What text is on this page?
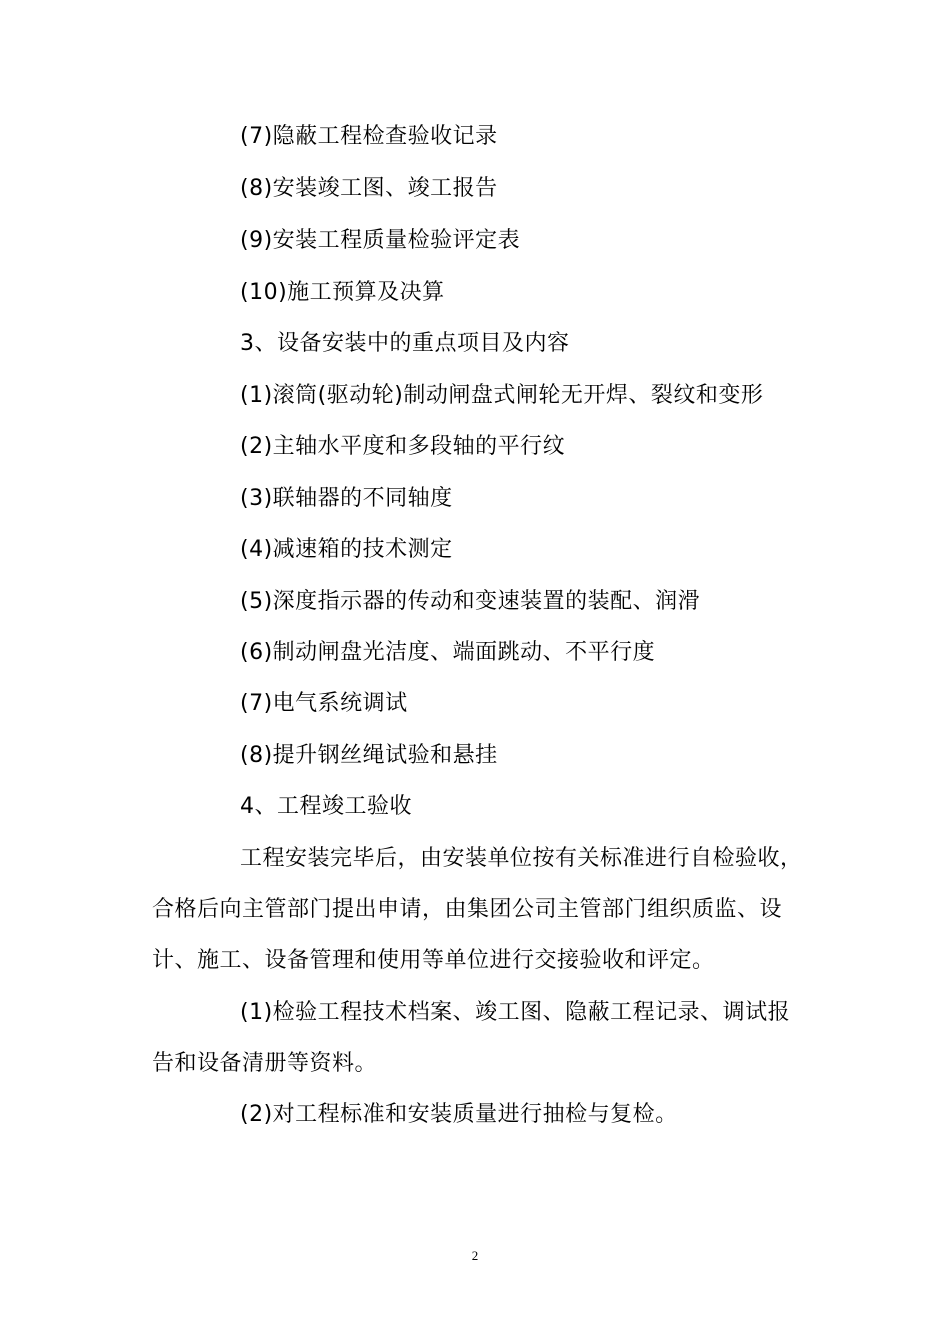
(7)隐蔽工程检查验收记录
(8)安装竣工图、竣工报告
(9)安装工程质量检验评定表
(10)施工预算及决算
3、设备安装中的重点项目及内容
(1)滚筒(驱动轮)制动闸盘式闸轮无开焊、裂纹和变形
(2)主轴水平度和多段轴的平行纹
(3)联轴器的不同轴度
(4)减速箱的技术测定
(5)深度指示器的传动和变速装置的装配、润滑
(6)制动闸盘光洁度、端面跳动、不平行度
(7)电气系统调试
(8)提升钢丝绳试验和悬挂
4、工程竣工验收
工程安装完毕后，由安装单位按有关标准进行自检验收，
合格后向主管部门提出申请，由集团公司主管部门组织质监、设
计、施工、设备管理和使用等单位进行交接验收和评定。
(1)检验工程技术档案、竣工图、隐蔽工程记录、调试报
告和设备清册等资料。
(2)对工程标准和安装质量进行抽检与复检。
2
